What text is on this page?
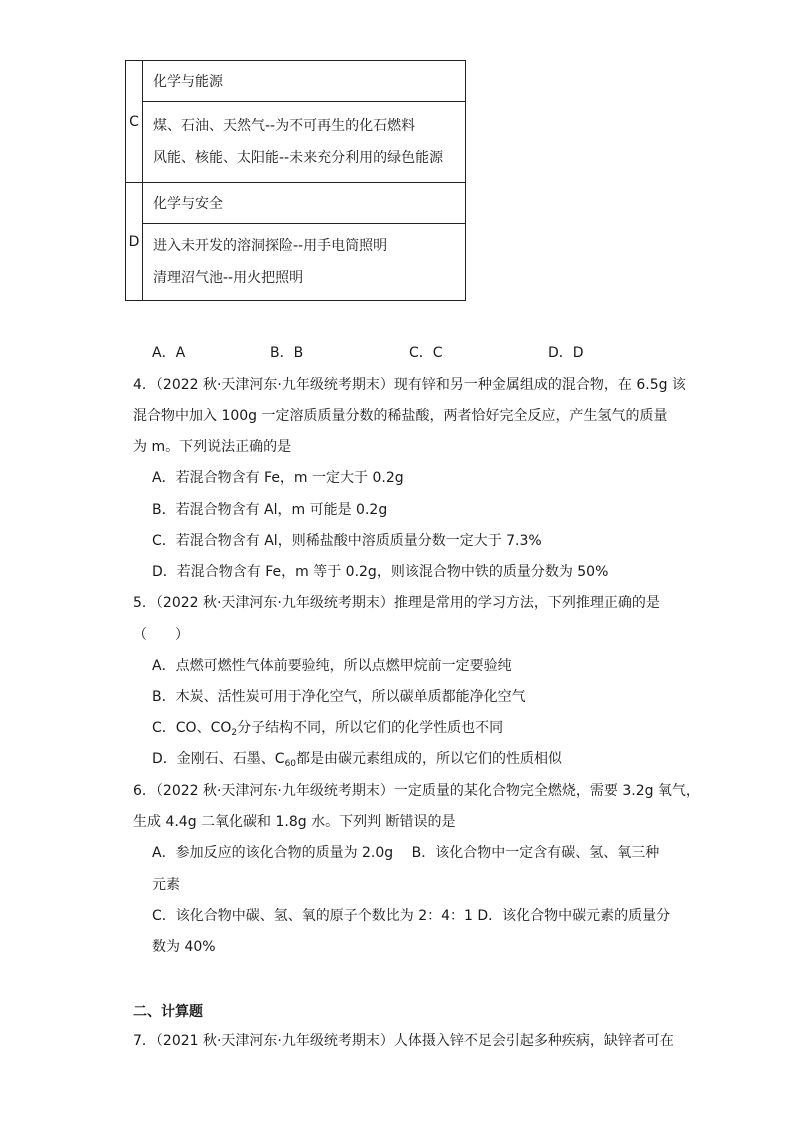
C	化学与能源

	煤、石油、天然气--为不可再生的化石燃料
风能、核能、太阳能--未来充分利用的绿色能源

D	化学与安全

	进入未开发的溶洞探险--用手电筒照明
清理沼气池--用火把照明
A．A	B．B	C．C	D．D
4．（2022 秋·天津河东·九年级统考期末）现有锌和另一种金属组成的混合物，在 6.5g 该
混合物中加入 100g 一定溶质质量分数的稀盐酸，两者恰好完全反应，产生氢气的质量
为 m。下列说法正确的是
A．若混合物含有 Fe，m 一定大于 0.2g
B．若混合物含有 Al，m 可能是 0.2g
C．若混合物含有 Al，则稀盐酸中溶质质量分数一定大于 7.3%
D．若混合物含有 Fe，m 等于 0.2g，则该混合物中铁的质量分数为 50%
5．（2022 秋·天津河东·九年级统考期末）推理是常用的学习方法，下列推理正确的是
（　　）
A．点燃可燃性气体前要验纯，所以点燃甲烷前一定要验纯
B．木炭、活性炭可用于净化空气，所以碳单质都能净化空气
C．CO、$CO_2$分子结构不同，所以它们的化学性质也不同
D．金刚石、石墨、$C_{60}$都是由碳元素组成的，所以它们的性质相似
6．（2022 秋·天津河东·九年级统考期末）一定质量的某化合物完全燃烧，需要 3.2g 氧气，
生成 4.4g 二氧化碳和 1.8g 水。下列判 断错误的是
A．参加反应的该化合物的质量为 2.0g　 B．该化合物中一定含有碳、氢、氧三种
元素
C．该化合物中碳、氢、氧的原子个数比为 2：4：1 D．该化合物中碳元素的质量分
数为 40%
二、计算题
7．（2021 秋·天津河东·九年级统考期末）人体摄入锌不足会引起多种疾病，缺锌者可在
